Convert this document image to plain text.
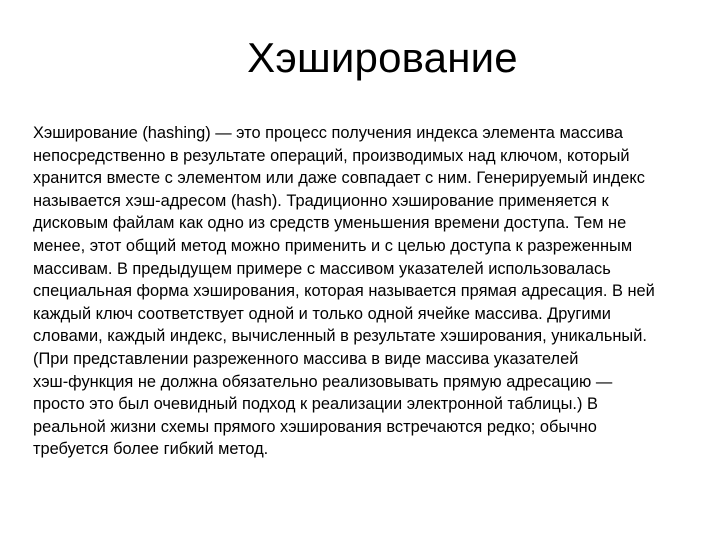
Хэширование
Хэширование (hashing) — это процесс получения индекса элемента массива
непосредственно в результате операций, производимых над ключом, который
хранится вместе с элементом или даже совпадает с ним. Генерируемый индекс
называется хэш-адресом (hash). Традиционно хэширование применяется к
дисковым файлам как одно из средств уменьшения времени доступа. Тем не
менее, этот общий метод можно применить и с целью доступа к разреженным
массивам. В предыдущем примере с массивом указателей использовалась
специальная форма хэширования, которая называется прямая адресация. В ней
каждый ключ соответствует одной и только одной ячейке массива. Другими
словами, каждый индекс, вычисленный в результате хэширования, уникальный.
(При представлении разреженного массива в виде массива указателей
хэш-функция не должна обязательно реализовывать прямую адресацию —
просто это был очевидный подход к реализации электронной таблицы.) В
реальной жизни схемы прямого хэширования встречаются редко; обычно
требуется более гибкий метод.
